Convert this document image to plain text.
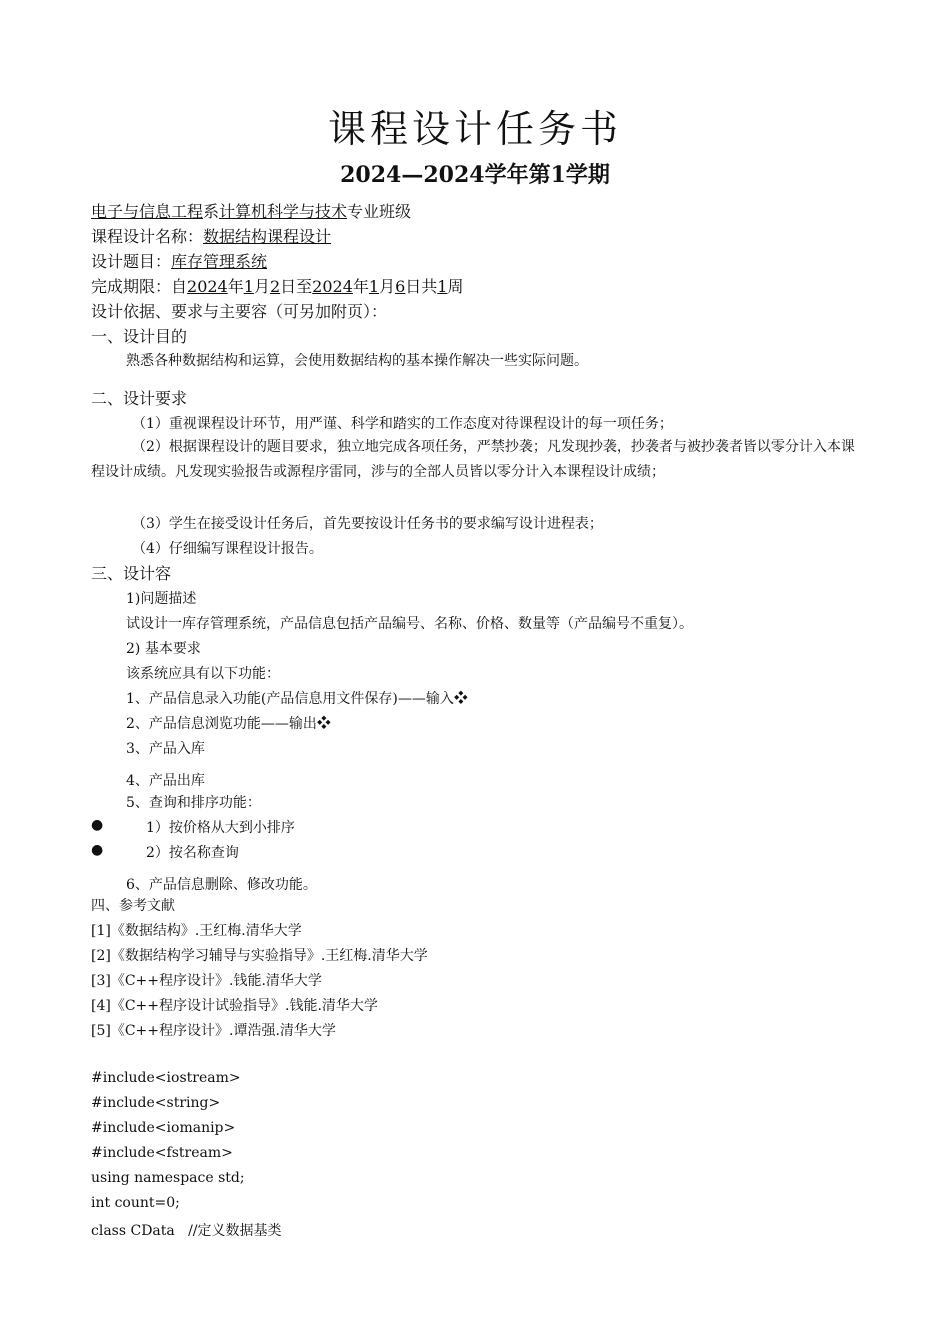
课程设计任务书
2024—2024学年第1学期
电子与信息工程系计算机科学与技术专业班级
课程设计名称：数据结构课程设计
设计题目：库存管理系统
完成期限：自2024年1月2日至2024年1月6日共1周
设计依据、要求与主要容（可另加附页）：
一、设计目的
熟悉各种数据结构和运算，会使用数据结构的基本操作解决一些实际问题。
二、设计要求
（1）重视课程设计环节，用严谨、科学和踏实的工作态度对待课程设计的每一项任务；
（2）根据课程设计的题目要求，独立地完成各项任务，严禁抄袭；凡发现抄袭，抄袭者与被抄袭者皆以零分计入本课程设计成绩。凡发现实验报告或源程序雷同，涉与的全部人员皆以零分计入本课程设计成绩；
（3）学生在接受设计任务后，首先要按设计任务书的要求编写设计进程表；
（4）仔细编写课程设计报告。
三、设计容
1)问题描述
试设计一库存管理系统，产品信息包括产品编号、名称、价格、数量等（产品编号不重复）。
2) 基本要求
该系统应具有以下功能：
1、产品信息录入功能(产品信息用文件保存)——输入❖
2、产品信息浏览功能——输出❖
3、产品入库
4、产品出库
5、查询和排序功能：
●	1）按价格从大到小排序
●	2）按名称查询
6、产品信息删除、修改功能。
四、参考文献
[1]《数据结构》.王红梅.清华大学
[2]《数据结构学习辅导与实验指导》.王红梅.清华大学
[3]《C++程序设计》.钱能.清华大学
[4]《C++程序设计试验指导》.钱能.清华大学
[5]《C++程序设计》.谭浩强.清华大学
#include<iostream>
#include<string>
#include<iomanip>
#include<fstream>
using namespace std;
int count=0;
class CData   //定义数据基类
